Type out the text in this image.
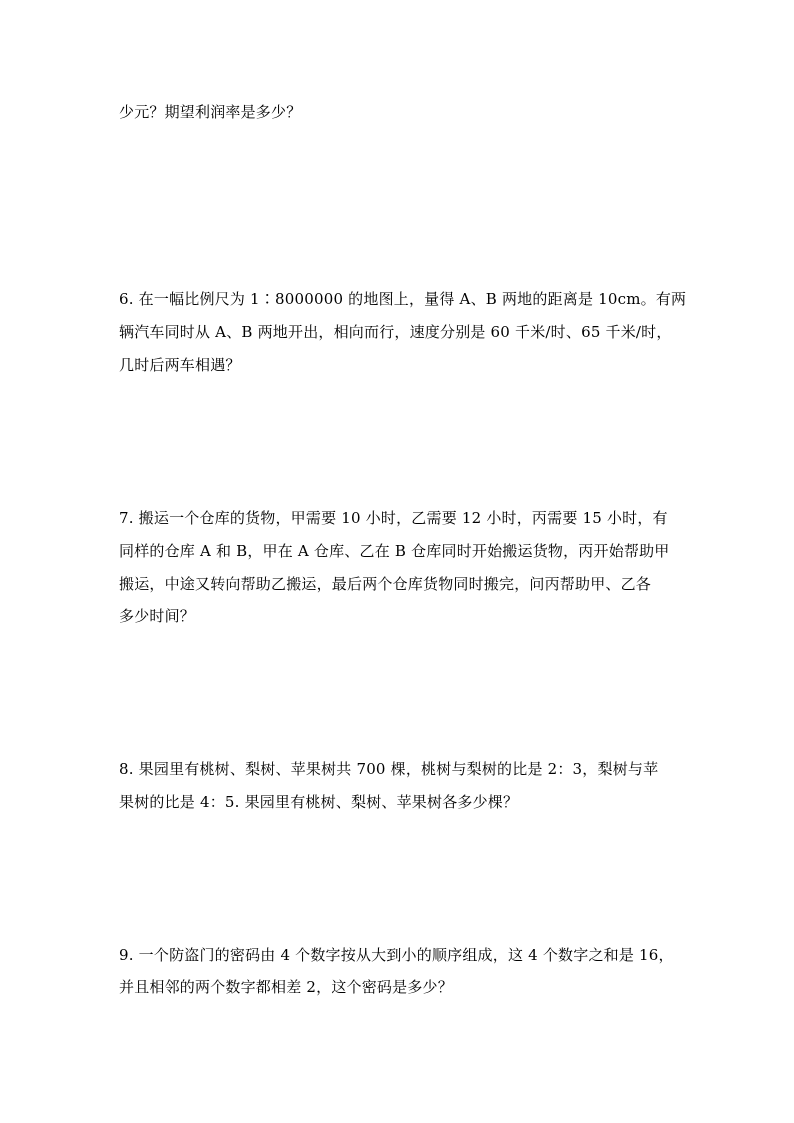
少元？期望利润率是多少？
6. 在一幅比例尺为 1∶8000000 的地图上，量得 A、B 两地的距离是 10cm。有两
辆汽车同时从 A、B 两地开出，相向而行，速度分别是 60 千米/时、65 千米/时，
几时后两车相遇？
7. 搬运一个仓库的货物，甲需要 10 小时，乙需要 12 小时，丙需要 15 小时，有
同样的仓库 A 和 B，甲在 A 仓库、乙在 B 仓库同时开始搬运货物，丙开始帮助甲
搬运，中途又转向帮助乙搬运，最后两个仓库货物同时搬完，问丙帮助甲、乙各
多少时间？
8. 果园里有桃树、梨树、苹果树共 700 棵，桃树与梨树的比是 2：3，梨树与苹
果树的比是 4：5. 果园里有桃树、梨树、苹果树各多少棵？
9. 一个防盗门的密码由 4 个数字按从大到小的顺序组成，这 4 个数字之和是 16，
并且相邻的两个数字都相差 2，这个密码是多少？
